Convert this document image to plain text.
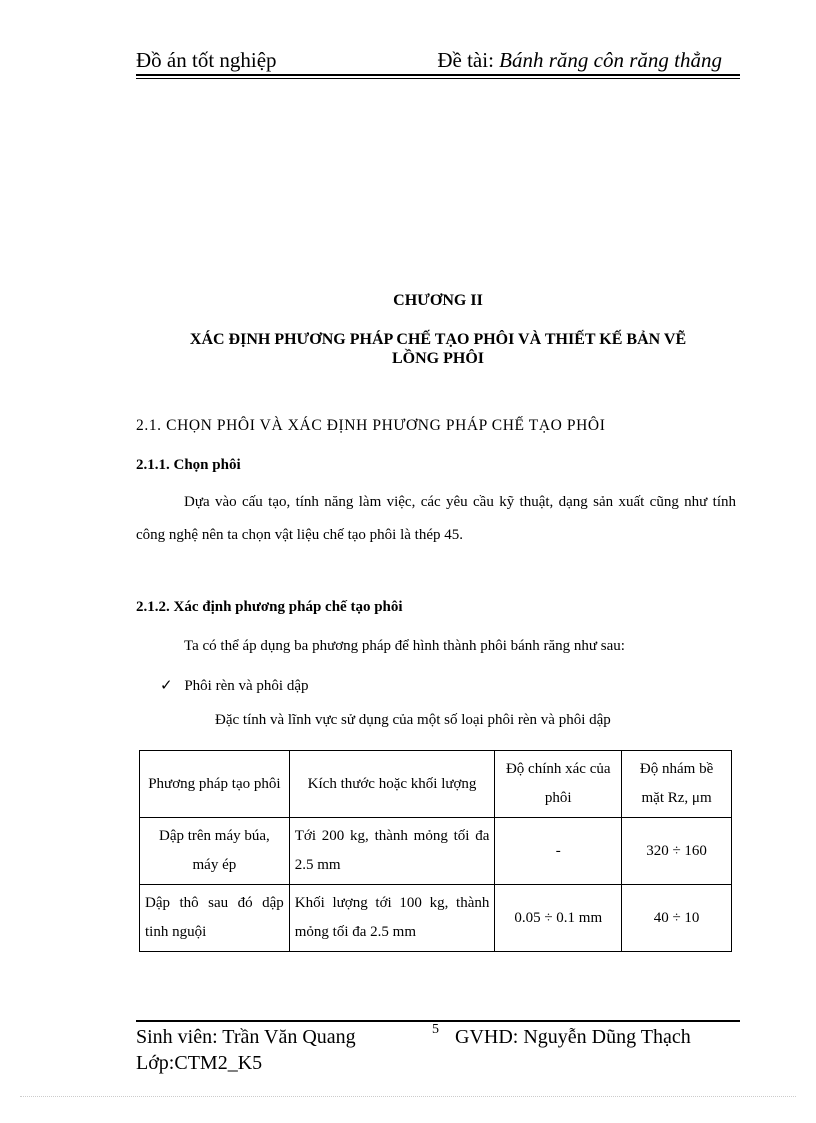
Đồ án tốt nghiệp	Đề tài: Bánh răng côn răng thẳng
CHƯƠNG II
XÁC ĐỊNH PHƯƠNG PHÁP CHẾ TẠO PHÔI VÀ THIẾT KẾ BẢN VẼ
LỒNG PHÔI
2.1. CHỌN PHÔI VÀ XÁC ĐỊNH PHƯƠNG PHÁP CHẾ TẠO PHÔI
2.1.1. Chọn phôi
Dựa vào cấu tạo, tính năng làm việc, các yêu cầu kỹ thuật, dạng sản xuất cũng như tính công nghệ nên ta chọn vật liệu chế tạo phôi là thép 45.
2.1.2. Xác định phương pháp chế tạo phôi
Ta có thể áp dụng ba phương pháp để hình thành phôi bánh răng như sau:
✓ Phôi rèn và phôi dập
Đặc tính và lĩnh vực sử dụng của một số loại phôi rèn và phôi dập
Phương pháp tạo phôi	Kích thước hoặc khối lượng	Độ chính xác của phôi	Độ nhám bề mặt Rz, μm
Dập trên máy búa, máy ép	Tới 200 kg, thành mỏng tối đa 2.5 mm	-	320 ÷ 160
Dập thô sau đó dập tinh nguội	Khối lượng tới 100 kg, thành mỏng tối đa 2.5 mm	0.05 ÷ 0.1 mm	40 ÷ 10
Sinh viên: Trần Văn Quang	5 GVHD: Nguyễn Dũng Thạch
Lớp:CTM2_K5
